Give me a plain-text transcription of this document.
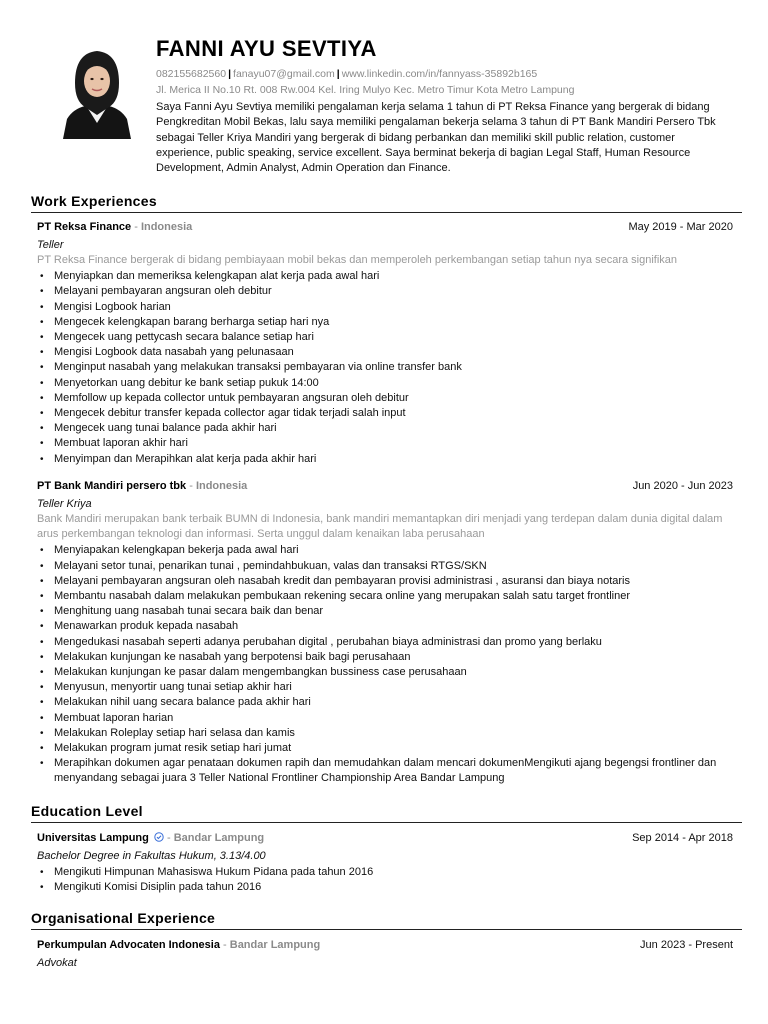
FANNI AYU SEVTIYA
082155682560 | fanayu07@gmail.com | www.linkedin.com/in/fannyass-35892b165
Jl. Merica II No.10 Rt. 008 Rw.004 Kel. Iring Mulyo Kec. Metro Timur Kota Metro Lampung
Saya Fanni Ayu Sevtiya memiliki pengalaman kerja selama 1 tahun di PT Reksa Finance yang bergerak di bidang Pengkreditan Mobil Bekas, lalu saya memiliki pengalaman bekerja selama 3 tahun di PT Bank Mandiri Persero Tbk sebagai Teller Kriya Mandiri yang bergerak di bidang perbankan dan memiliki skill public relation, customer experience, public speaking, service excellent. Saya berminat bekerja di bagian Legal Staff, Human Resource Development, Admin Analyst, Admin Operation dan Finance.
Work Experiences
PT Reksa Finance - Indonesia	May 2019 - Mar 2020
Teller
PT Reksa Finance bergerak di bidang pembiayaan mobil bekas dan memperoleh perkembangan setiap tahun nya secara signifikan
• Menyiapkan dan memeriksa kelengkapan alat kerja pada awal hari
• Melayani pembayaran angsuran oleh debitur
• Mengisi Logbook harian
• Mengecek kelengkapan barang berharga setiap hari nya
• Mengecek uang pettycash secara balance setiap hari
• Mengisi Logbook data nasabah yang pelunasaan
• Menginput nasabah yang melakukan transaksi pembayaran via online transfer bank
• Menyetorkan uang debitur ke bank setiap pukuk 14:00
• Memfollow up kepada collector untuk pembayaran angsuran oleh debitur
• Mengecek debitur transfer kepada collector agar tidak terjadi salah input
• Mengecek uang tunai balance pada akhir hari
• Membuat laporan akhir hari
• Menyimpan dan Merapihkan alat kerja pada akhir hari
PT Bank Mandiri persero tbk - Indonesia	Jun 2020 - Jun 2023
Teller Kriya
Bank Mandiri merupakan bank terbaik BUMN di Indonesia, bank mandiri memantapkan diri menjadi yang terdepan dalam dunia digital dalam arus perkembangan teknologi dan informasi. Serta unggul dalam kenaikan laba perusahaan
• Menyiapakan kelengkapan bekerja pada awal hari
• Melayani setor tunai, penarikan tunai , pemindahbukuan, valas dan transaksi RTGS/SKN
• Melayani pembayaran angsuran oleh nasabah kredit dan pembayaran provisi administrasi , asuransi dan biaya notaris
• Membantu nasabah dalam melakukan pembukaan rekening secara online yang merupakan salah satu target frontliner
• Menghitung uang nasabah tunai secara baik dan benar
• Menawarkan produk kepada nasabah
• Mengedukasi nasabah seperti adanya perubahan digital , perubahan biaya administrasi dan promo yang berlaku
• Melakukan kunjungan ke nasabah yang berpotensi baik bagi perusahaan
• Melakukan kunjungan ke pasar dalam mengembangkan bussiness case perusahaan
• Menyusun, menyortir uang tunai setiap akhir hari
• Melakukan nihil uang secara balance pada akhir hari
• Membuat laporan harian
• Melakukan Roleplay setiap hari selasa dan kamis
• Melakukan program jumat resik setiap hari jumat
• Merapihkan dokumen agar penataan dokumen rapih dan memudahkan dalam mencari dokumenMengikuti ajang begengsi frontliner dan menyandang sebagai juara 3 Teller National Frontliner Championship Area Bandar Lampung
Education Level
Universitas Lampung  - Bandar Lampung	Sep 2014 - Apr 2018
Bachelor Degree in Fakultas Hukum, 3.13/4.00
• Mengikuti Himpunan Mahasiswa Hukum Pidana pada tahun 2016
• Mengikuti Komisi Disiplin pada tahun 2016
Organisational Experience
Perkumpulan Advocaten Indonesia - Bandar Lampung	Jun 2023 - Present
Advokat
